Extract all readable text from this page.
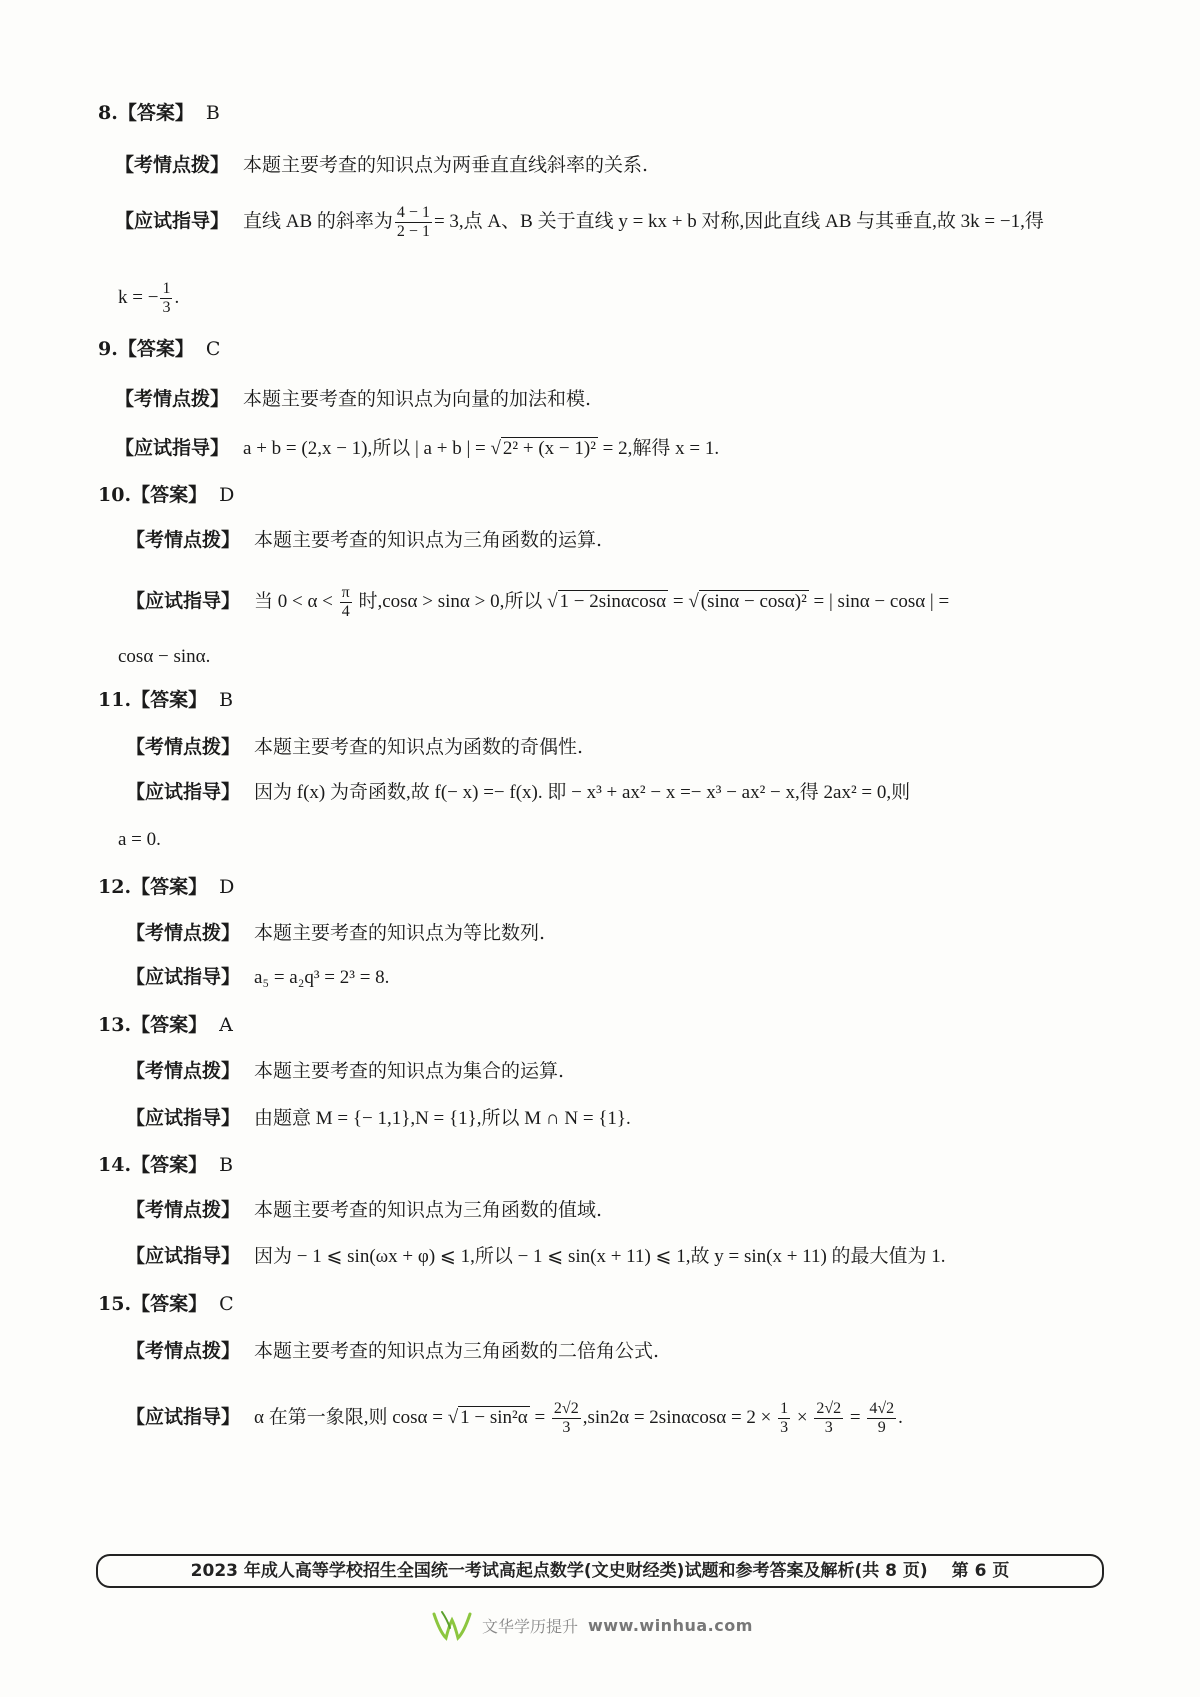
8.【答案】 B
【考情点拨】 本题主要考查的知识点为两垂直直线斜率的关系.
【应试指导】 直线 AB 的斜率为 $\frac{4 - 1}{2 - 1} = 3$,点 A、B 关于直线 y = kx + b 对称,因此直线 AB 与其垂直,故 3k = −1,得
k = − $\frac{1}{3}$ .
9.【答案】 C
【考情点拨】 本题主要考查的知识点为向量的加法和模.
【应试指导】 a + b = (2,x − 1),所以 | a + b | = √ 2² + (x − 1)² = 2,解得 x = 1.
10.【答案】 D
【考情点拨】 本题主要考查的知识点为三角函数的运算.
【应试指导】 当 $0 < \alpha < \frac{\pi}{4}$ 时,cosα > sinα > 0,所以 √ 1 − 2sinαcosα = √ (sinα − cosα)² = | sinα − cosα | =
cosα − sinα.
11.【答案】 B
【考情点拨】 本题主要考查的知识点为函数的奇偶性.
【应试指导】 因为 f(x) 为奇函数,故 f(− x) =− f(x). 即 − x³ + ax² − x =− x³ − ax² − x,得 2ax² = 0,则
a = 0.
12.【答案】 D
【考情点拨】 本题主要考查的知识点为等比数列.
【应试指导】 a₅ = a₂q³ = 2³ = 8.
13.【答案】 A
【考情点拨】 本题主要考查的知识点为集合的运算.
【应试指导】 由题意 M = {− 1,1},N = {1},所以 M ∩ N = {1}.
14.【答案】 B
【考情点拨】 本题主要考查的知识点为三角函数的值域.
【应试指导】 因为 − 1 ⩽ sin(ωx + φ) ⩽ 1,所以 − 1 ⩽ sin(x + 11) ⩽ 1,故 y = sin(x + 11) 的最大值为 1.
15.【答案】 C
【考情点拨】 本题主要考查的知识点为三角函数的二倍角公式.
【应试指导】 α 在第一象限,则 cosα = √ $1 - \sin^2\alpha = \frac{2√2}{3} ,\sin 2\alpha = 2\sin\alpha\cos\alpha = 2 \times \frac{1}{3} \times \frac{2√2}{3} = \frac{4√2}{9}$ .
2023 年成人高等学校招生全国统一考试高起点数学(文史财经类)试题和参考答案及解析(共 8 页) 第 6 页
文华学历提升 www.winhua.com
